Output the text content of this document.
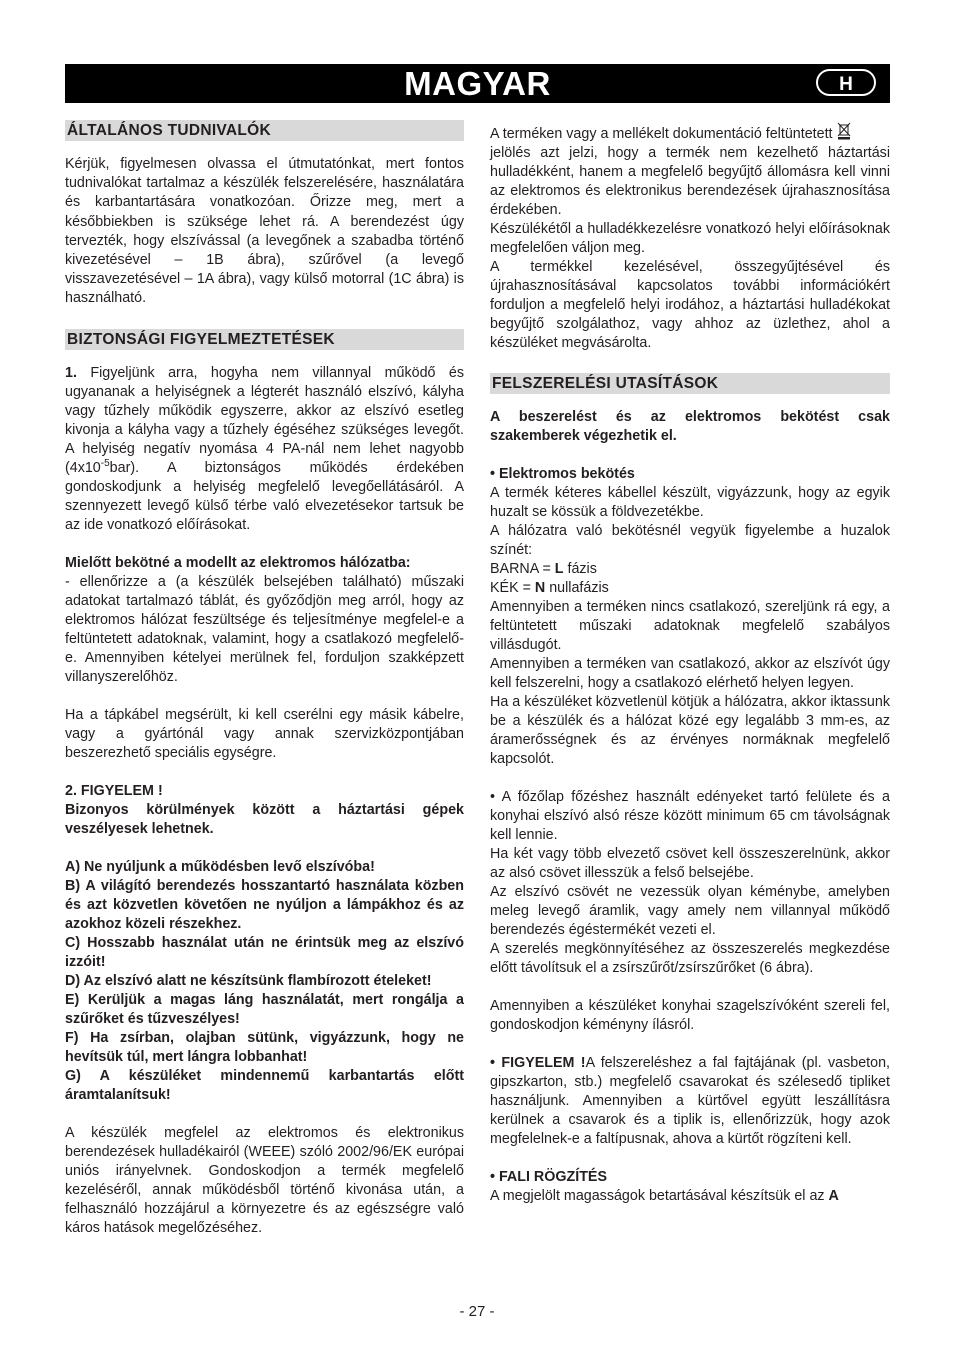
MAGYAR	H
ÁLTALÁNOS TUDNIVALÓK

Kérjük, figyelmesen olvassa el útmutatónkat, mert fontos tudnivalókat tartalmaz a készülék felszerelésére, használatára és karbantartására vonatkozóan. Őrizze meg, mert a későbbiekben is szüksége lehet rá. A berendezést úgy tervezték, hogy elszívással (a levegőnek a szabadba történő kivezetésével – 1B ábra), szűrővel (a levegő visszavezetésével – 1A ábra), vagy külső motorral (1C ábra) is használható.

BIZTONSÁGI FIGYELMEZTETÉSEK

1. Figyeljünk arra, hogyha nem villannyal működő és ugyananak a helyiségnek a légterét használó elszívó, kályha vagy tűzhely működik egyszerre, akkor az elszívó esetleg kivonja a kályha vagy a tűzhely égéséhez szükséges levegőt. A helyiség negatív nyomása 4 PA-nál nem lehet nagyobb $(4x10^{-5}bar)$. A biztonságos működés érdekében gondoskodjunk a helyiség megfelelő levegőellátásáról. A szennyezett levegő külső térbe való elvezetésekor tartsuk be az ide vonatkozó előírásokat.

Mielőtt bekötné a modellt az elektromos hálózatba:

- ellenőrizze a (a készülék belsejében található) műszaki adatokat tartalmazó táblát, és győződjön meg arról, hogy az elektromos hálózat feszültsége és teljesítménye megfelel-e a feltüntetett adatoknak, valamint, hogy a csatlakozó megfelelő-e. Amennyiben kételyei merülnek fel, forduljon szakképzett villanyszerelőhöz.

Ha a tápkábel megsérült, ki kell cserélni egy másik kábelre, vagy a gyártónál vagy annak szervizközpontjában beszerezhető speciális egységre.

2. FIGYELEM !

Bizonyos körülmények között a háztartási gépek veszélyesek lehetnek.

A) Ne nyúljunk a működésben levő elszívóba!

B) A világító berendezés hosszantartó használata közben és azt közvetlen követően ne nyúljon a lámpákhoz és az azokhoz közeli részekhez.

C) Hosszabb használat után ne érintsük meg az elszívó izzóit!

D) Az elszívó alatt ne készítsünk flambírozott ételeket!

E) Kerüljük a magas láng használatát, mert rongálja a szűrőket és tűzveszélyes!

F) Ha zsírban, olajban sütünk, vigyázzunk, hogy ne hevítsük túl, mert lángra lobbanhat!

G) A készüléket mindennemű karbantartás előtt áramtalanítsuk!

A készülék megfelel az elektromos és elektronikus berendezések hulladékairól (WEEE) szóló 2002/96/EK európai uniós irányelvnek. Gondoskodjon a termék megfelelő kezeléséről, annak működésből történő kivonása után, a felhasználó hozzájárul a környezetre és az egészségre való káros hatások megelőzéséhez.

A terméken vagy a mellékelt dokumentáció feltüntetett
jelölés azt jelzi, hogy a termék nem kezelhető háztartási hulladékként, hanem a megfelelő begyűjtő állomásra kell vinni az elektromos és elektronikus berendezések újrahasznosítása érdekében.

Készülékétől a hulladékkezelésre vonatkozó helyi előírásoknak megfelelően váljon meg.

A termékkel kezelésével, összegyűjtésével és újrahasznosításával kapcsolatos további információkért forduljon a megfelelő helyi irodához, a háztartási hulladékokat begyűjtő szolgálathoz, vagy ahhoz az üzlethez, ahol a készüléket megvásárolta.

FELSZERELÉSI UTASÍTÁSOK

A beszerelést és az elektromos bekötést csak szakemberek végezhetik el.

• Elektromos bekötés

A termék kéteres kábellel készült, vigyázzunk, hogy az egyik huzalt se kössük a földvezetékbe.

A hálózatra való bekötésnél vegyük figyelembe a huzalok színét:

BARNA = L fázis

KÉK = N nullafázis

Amennyiben a terméken nincs csatlakozó, szereljünk rá egy, a feltüntetett műszaki adatoknak megfelelő szabályos villásdugót.

Amennyiben a terméken van csatlakozó, akkor az elszívót úgy kell felszerelni, hogy a csatlakozó elérhető helyen legyen.

Ha a készüléket közvetlenül kötjük a hálózatra, akkor iktassunk be a készülék és a hálózat közé egy legalább 3 mm-es, az áramerősségnek és az érvényes normáknak megfelelő kapcsolót.

• A főzőlap főzéshez használt edényeket tartó felülete és a konyhai elszívó alsó része között minimum 65 cm távolságnak kell lennie.

Ha két vagy több elvezető csövet kell összeszerelnünk, akkor az alsó csövet illesszük a felső belsejébe.

Az elszívó csövét ne vezessük olyan kéménybe, amelyben meleg levegő áramlik, vagy amely nem villannyal működő berendezés égéstermékét vezeti el.

A szerelés megkönnyítéséhez az összeszerelés megkezdése előtt távolítsuk el a zsírszűrőt/zsírszűrőket (6 ábra).

Amennyiben a készüléket konyhai szagelszívóként szereli fel, gondoskodjon kéményny ílásról.

• FIGYELEM !A felszereléshez a fal fajtájának (pl. vasbeton, gipszkarton, stb.) megfelelő csavarokat és szélesedő tipliket használjunk. Amennyiben a kürtővel együtt leszállításra kerülnek a csavarok és a tiplik is, ellenőrizzük, hogy azok megfelelnek-e a faltípusnak, ahova a kürtőt rögzíteni kell.

• FALI RÖGZÍTÉS

A megjelölt magasságok betartásával készítsük el az A

- 27 -
